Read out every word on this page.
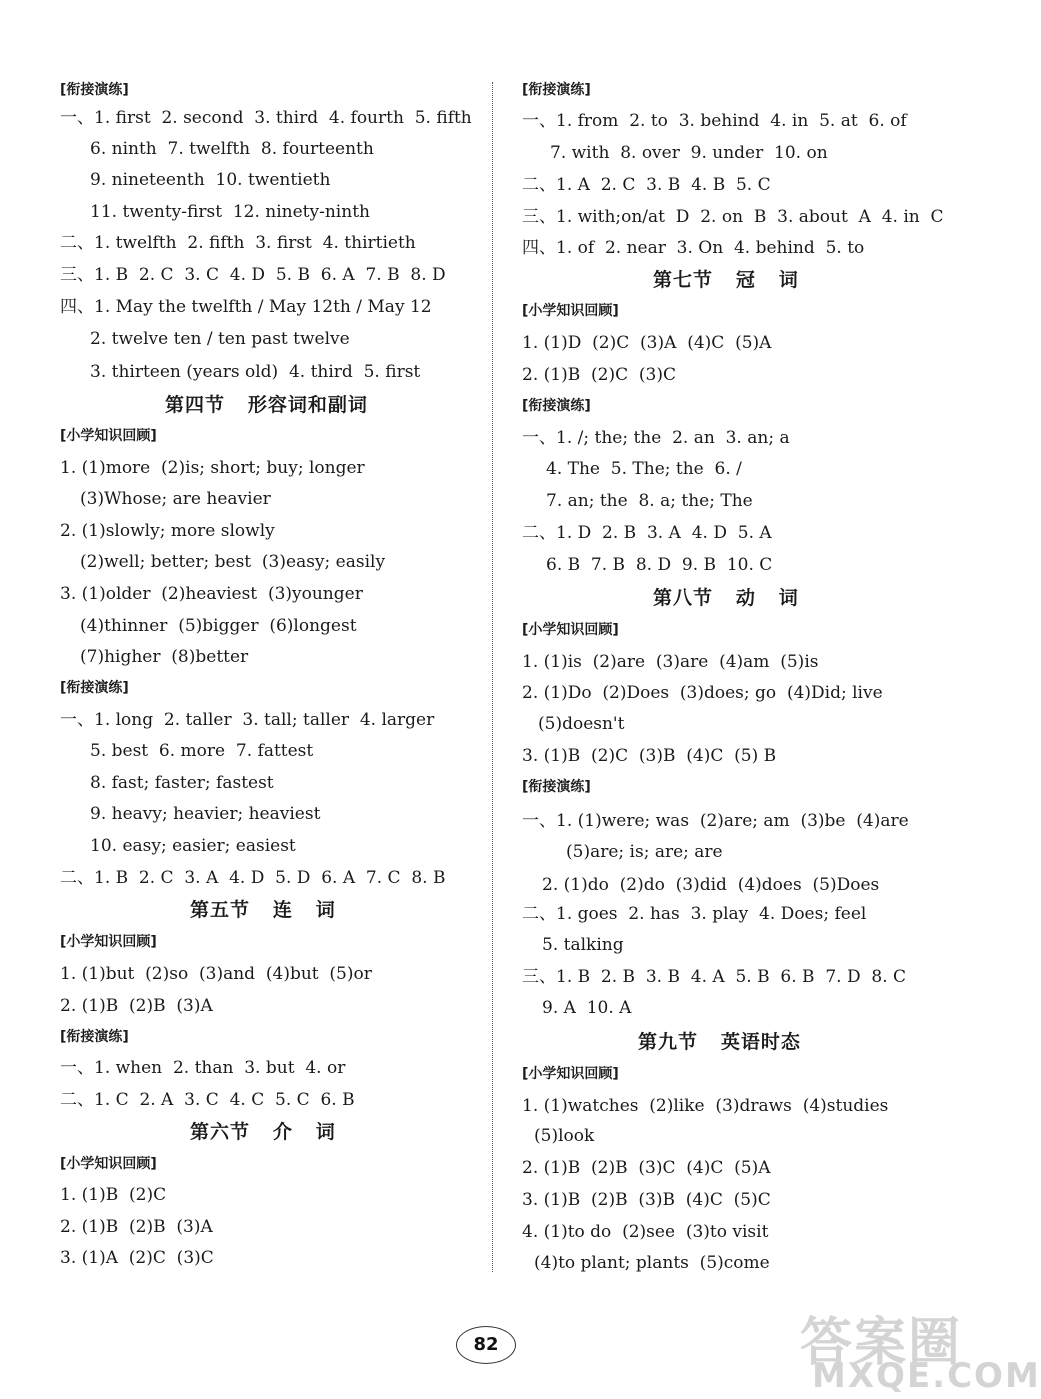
[衔接演练]
一、1. first  2. second  3. third  4. fourth  5. fifth
6. ninth  7. twelfth  8. fourteenth
9. nineteenth  10. twentieth
11. twenty-first  12. ninety-ninth
二、1. twelfth  2. fifth  3. first  4. thirtieth
三、1. B  2. C  3. C  4. D  5. B  6. A  7. B  8. D
四、1. May the twelfth / May 12th / May 12
2. twelve ten / ten past twelve
3. thirteen (years old)  4. third  5. first
第四节   形容词和副词
[小学知识回顾]
1. (1)more  (2)is; short; buy; longer
(3)Whose; are heavier
2. (1)slowly; more slowly
(2)well; better; best  (3)easy; easily
3. (1)older  (2)heaviest  (3)younger
(4)thinner  (5)bigger  (6)longest
(7)higher  (8)better
[衔接演练]
一、1. long  2. taller  3. tall; taller  4. larger
5. best  6. more  7. fattest
8. fast; faster; fastest
9. heavy; heavier; heaviest
10. easy; easier; easiest
二、1. B  2. C  3. A  4. D  5. D  6. A  7. C  8. B
第五节   连   词
[小学知识回顾]
1. (1)but  (2)so  (3)and  (4)but  (5)or
2. (1)B  (2)B  (3)A
[衔接演练]
一、1. when  2. than  3. but  4. or
二、1. C  2. A  3. C  4. C  5. C  6. B
第六节   介   词
[小学知识回顾]
1. (1)B  (2)C
2. (1)B  (2)B  (3)A
3. (1)A  (2)C  (3)C
[衔接演练]
一、1. from  2. to  3. behind  4. in  5. at  6. of
7. with  8. over  9. under  10. on
二、1. A  2. C  3. B  4. B  5. C
三、1. with;on/at  D  2. on  B  3. about  A  4. in  C
四、1. of  2. near  3. On  4. behind  5. to
第七节   冠   词
[小学知识回顾]
1. (1)D  (2)C  (3)A  (4)C  (5)A
2. (1)B  (2)C  (3)C
[衔接演练]
一、1. /; the; the  2. an  3. an; a
4. The  5. The; the  6. /
7. an; the  8. a; the; The
二、1. D  2. B  3. A  4. D  5. A
6. B  7. B  8. D  9. B  10. C
第八节   动   词
[小学知识回顾]
1. (1)is  (2)are  (3)are  (4)am  (5)is
2. (1)Do  (2)Does  (3)does; go  (4)Did; live
(5)doesn't
3. (1)B  (2)C  (3)B  (4)C  (5) B
[衔接演练]
一、1. (1)were; was  (2)are; am  (3)be  (4)are
(5)are; is; are; are
2. (1)do  (2)do  (3)did  (4)does  (5)Does
二、1. goes  2. has  3. play  4. Does; feel
5. talking
三、1. B  2. B  3. B  4. A  5. B  6. B  7. D  8. C
9. A  10. A
第九节   英语时态
[小学知识回顾]
1. (1)watches  (2)like  (3)draws  (4)studies
(5)look
2. (1)B  (2)B  (3)C  (4)C  (5)A
3. (1)B  (2)B  (3)B  (4)C  (5)C
4. (1)to do  (2)see  (3)to visit
(4)to plant; plants  (5)come
82	答案圈
MXQE.COM
